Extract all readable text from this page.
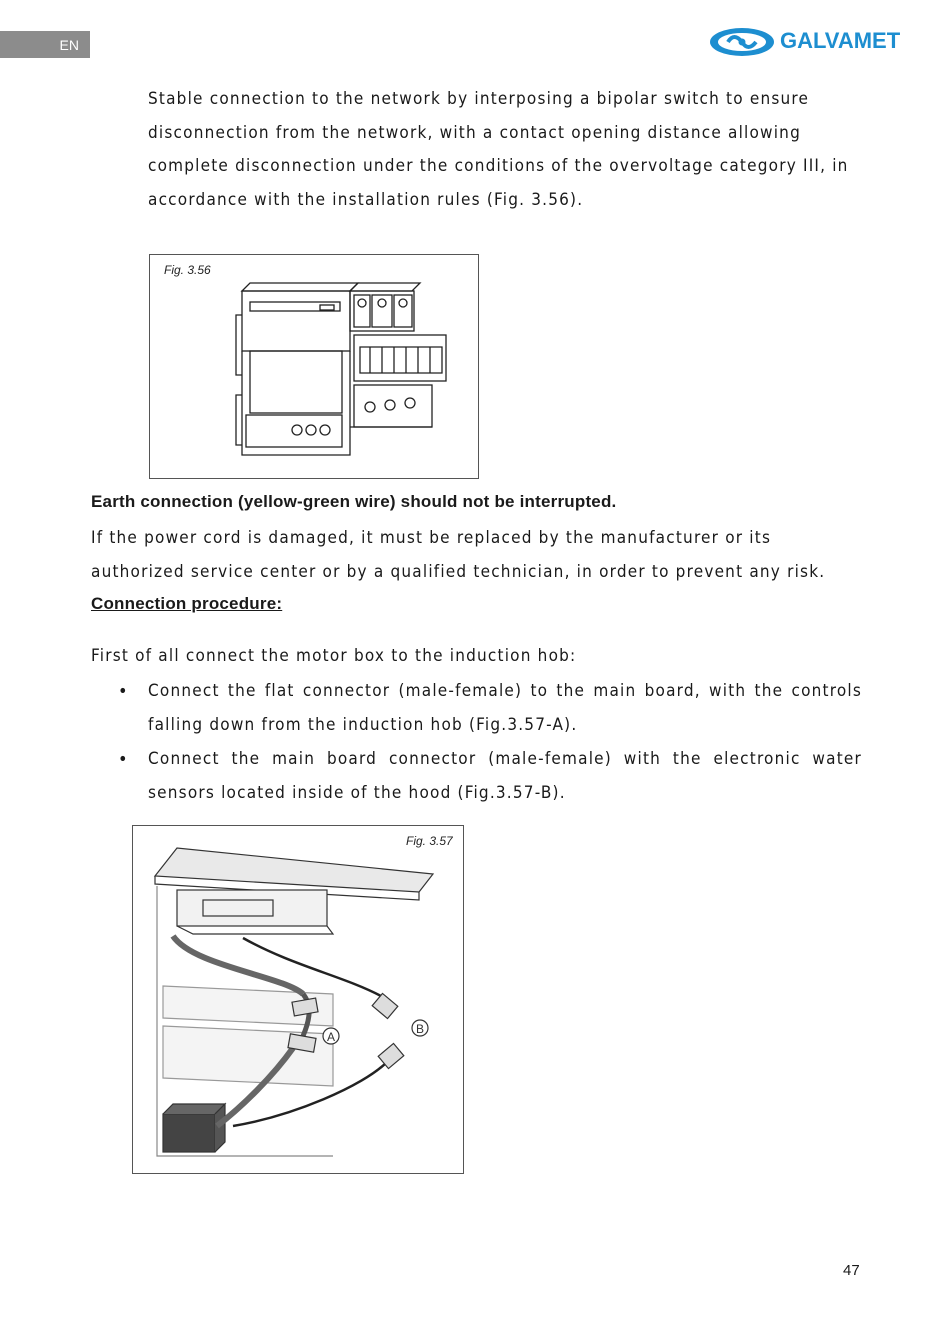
EN	GALVAMET

Stable connection to the network by interposing a bipolar switch to ensure disconnection from the network, with a contact opening distance allowing complete disconnection under the conditions of the overvoltage category III, in accordance with the installation rules (Fig. 3.56).

Fig. 3.56

Earth connection (yellow-green wire) should not be interrupted.

If the power cord is damaged, it must be replaced by the manufacturer or its authorized service center or by a qualified technician, in order to prevent any risk.

Connection procedure:

First of all connect the motor box to the induction hob:

• Connect the flat connector (male-female) to the main board, with the controls falling down from the induction hob (Fig.3.57-A).
• Connect the main board connector (male-female) with the electronic water sensors located inside of the hood (Fig.3.57-B).
Fig. 3.57
A
B
47
